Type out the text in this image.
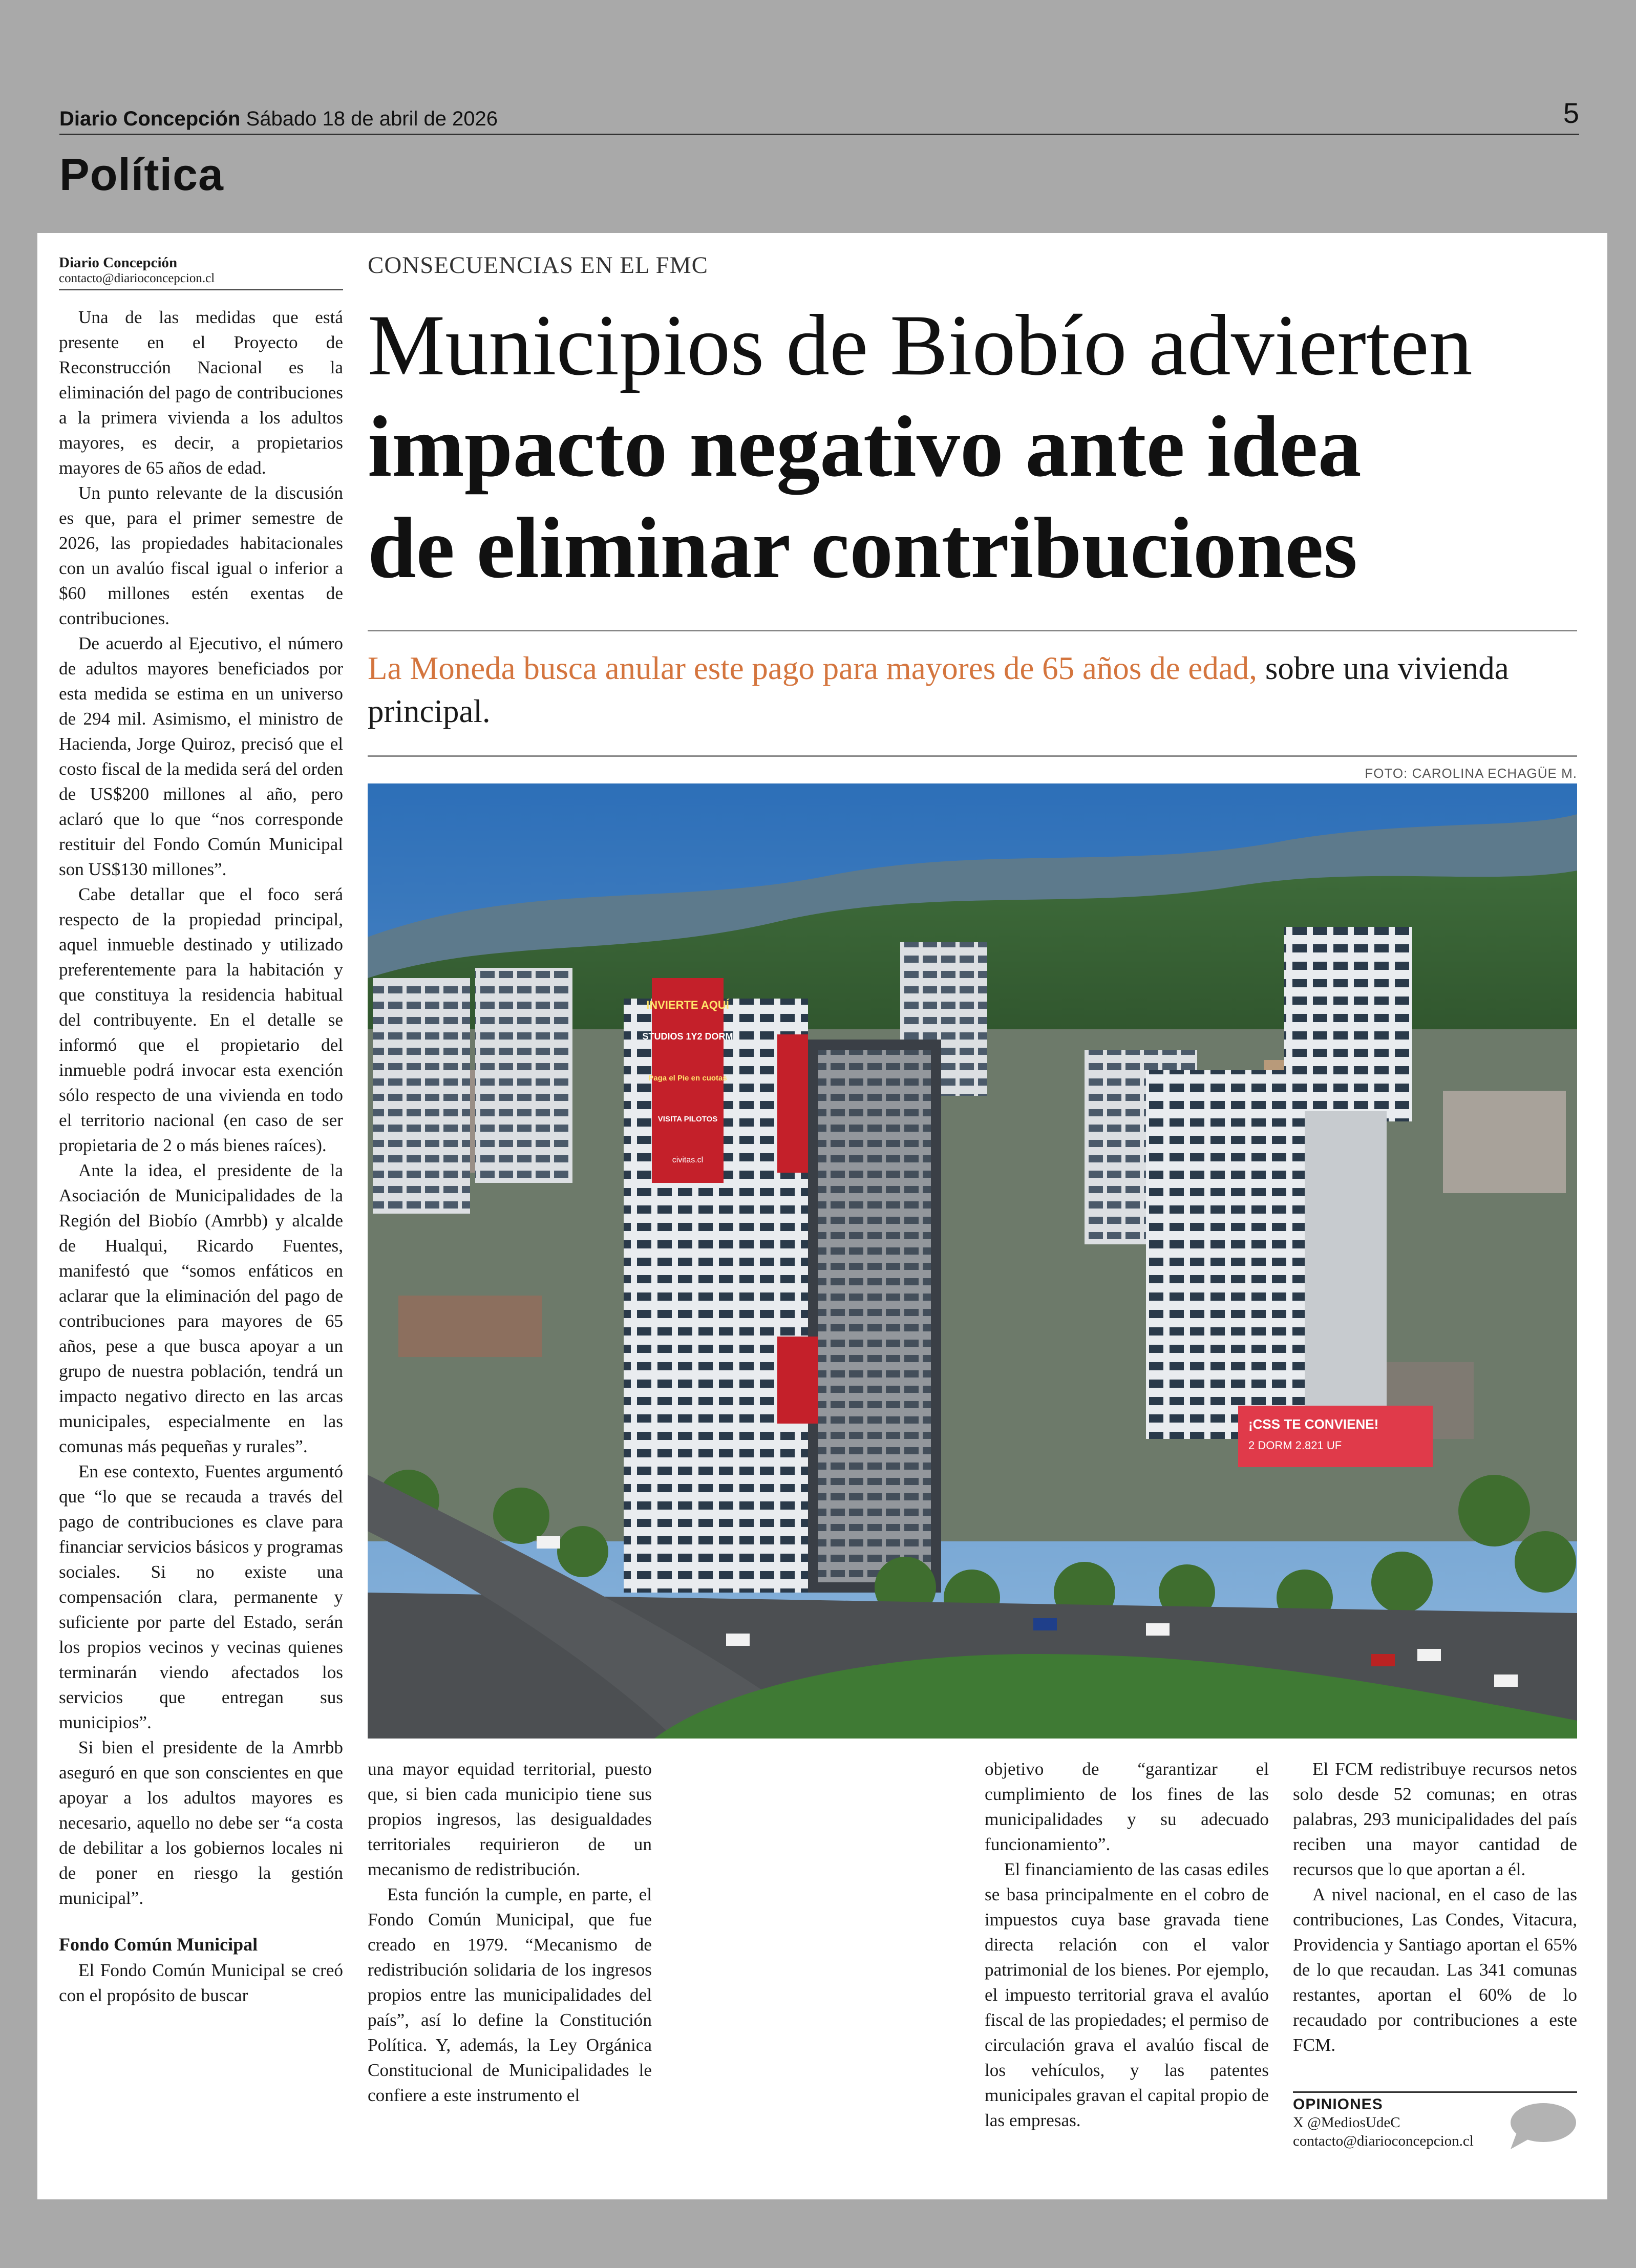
Diario Concepción Sábado 18 de abril de 2026	5
Política
Diario Concepción
contacto@diarioconcepcion.cl

Una de las medidas que está presente en el Proyecto de Reconstrucción Nacional es la eliminación del pago de contribuciones a la primera vivienda a los adultos mayores, es decir, a propietarios mayores de 65 años de edad.

Un punto relevante de la discusión es que, para el primer semestre de 2026, las propiedades habitacionales con un avalúo fiscal igual o inferior a $60 millones estén exentas de contribuciones.

De acuerdo al Ejecutivo, el número de adultos mayores beneficiados por esta medida se estima en un universo de 294 mil. Asimismo, el ministro de Hacienda, Jorge Quiroz, precisó que el costo fiscal de la medida será del orden de US$200 millones al año, pero aclaró que lo que “nos corresponde restituir del Fondo Común Municipal son US$130 millones”.

Cabe detallar que el foco será respecto de la propiedad principal, aquel inmueble destinado y utilizado preferentemente para la habitación y que constituya la residencia habitual del contribuyente. En el detalle se informó que el propietario del inmueble podrá invocar esta exención sólo respecto de una vivienda en todo el territorio nacional (en caso de ser propietaria de 2 o más bienes raíces).

Ante la idea, el presidente de la Asociación de Municipalidades de la Región del Biobío (Amrbb) y alcalde de Hualqui, Ricardo Fuentes, manifestó que “somos enfáticos en aclarar que la eliminación del pago de contribuciones para mayores de 65 años, pese a que busca apoyar a un grupo de nuestra población, tendrá un impacto negativo directo en las arcas municipales, especialmente en las comunas más pequeñas y rurales”.

En ese contexto, Fuentes argumentó que “lo que se recauda a través del pago de contribuciones es clave para financiar servicios básicos y programas sociales. Si no existe una compensación clara, permanente y suficiente por parte del Estado, serán los propios vecinos y vecinas quienes terminarán viendo afectados los servicios que entregan sus municipios”.

Si bien el presidente de la Amrbb aseguró en que son conscientes en que apoyar a los adultos mayores es necesario, aquello no debe ser “a costa de debilitar a los gobiernos locales ni de poner en riesgo la gestión municipal”.

Fondo Común Municipal

El Fondo Común Municipal se creó con el propósito de buscar

CONSECUENCIAS EN EL FMC
Municipios de Biobío advierten
impacto negativo ante idea
de eliminar contribuciones
La Moneda busca anular este pago para mayores de 65 años de edad, sobre una vivienda principal.
FOTO: CAROLINA ECHAGÜE M.
INVIERTE AQUÍ
STUDIOS 1Y2 DORM
Paga el Pie en cuotas
VISITA PILOTOS
civitas.cl
¡CSS TE CONVIENE!
2 DORM 2.821 UF

una mayor equidad territorial, puesto que, si bien cada municipio tiene sus propios ingresos, las desigualdades territoriales requirieron de un mecanismo de redistribución.

Esta función la cumple, en parte, el Fondo Común Municipal, que fue creado en 1979. “Mecanismo de redistribución solidaria de los ingresos propios entre las municipalidades del país”, así lo define la Constitución Política. Y, además, la Ley Orgánica Constitucional de Municipalidades le confiere a este instrumento el

objetivo de “garantizar el cumplimiento de los fines de las municipalidades y su adecuado funcionamiento”.

El financiamiento de las casas ediles se basa principalmente en el cobro de impuestos cuya base gravada tiene directa relación con el valor patrimonial de los bienes. Por ejemplo, el impuesto territorial grava el avalúo fiscal de las propiedades; el permiso de circulación grava el avalúo fiscal de los vehículos, y las patentes municipales gravan el capital propio de las empresas.

El FCM redistribuye recursos netos solo desde 52 comunas; en otras palabras, 293 municipalidades del país reciben una mayor cantidad de recursos que lo que aportan a él.

A nivel nacional, en el caso de las contribuciones, Las Condes, Vitacura, Providencia y Santiago aportan el 65% de lo que recaudan. Las 341 comunas restantes, aportan el 60% de lo recaudado por contribuciones a este FCM.

OPINIONES
X @MediosUdeC
contacto@diarioconcepcion.cl
